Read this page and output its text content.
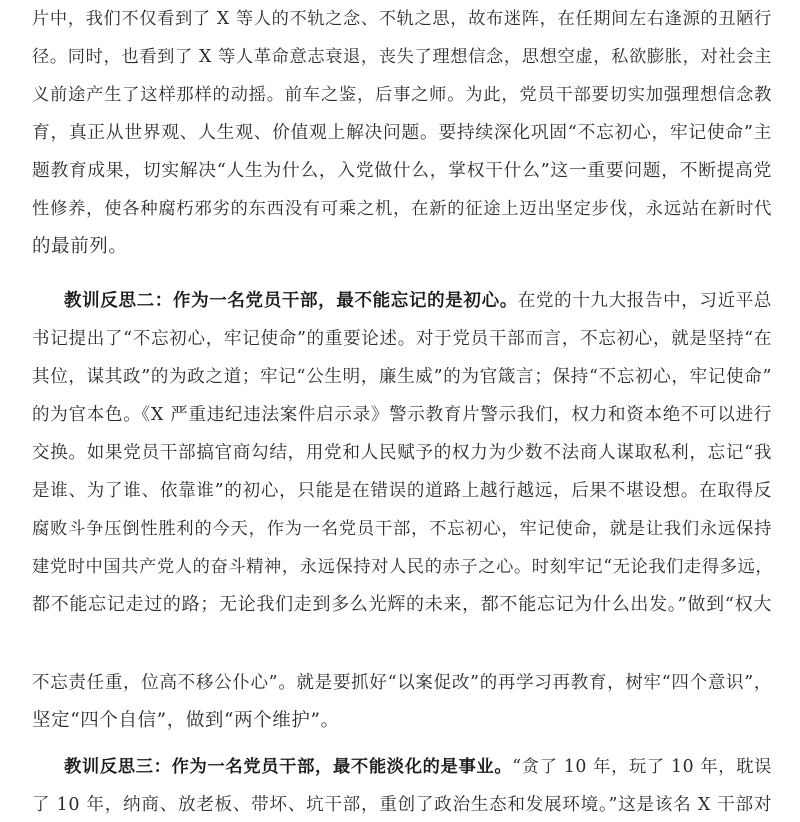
片中，我们不仅看到了 X 等人的不轨之念、不轨之思，故布迷阵，在任期间左右逢源的丑陋行
径。同时，也看到了 X 等人革命意志衰退，丧失了理想信念，思想空虚，私欲膨胀，对社会主
义前途产生了这样那样的动摇。前车之鉴，后事之师。为此，党员干部要切实加强理想信念教
育，真正从世界观、人生观、价值观上解决问题。要持续深化巩固“不忘初心，牢记使命”主
题教育成果，切实解决“人生为什么，入党做什么，掌权干什么”这一重要问题，不断提高党
性修养，使各种腐朽邪劣的东西没有可乘之机，在新的征途上迈出坚定步伐，永远站在新时代
的最前列。
教训反思二：作为一名党员干部，最不能忘记的是初心。在党的十九大报告中，习近平总
书记提出了“不忘初心，牢记使命”的重要论述。对于党员干部而言，不忘初心，就是坚持“在
其位，谋其政”的为政之道；牢记“公生明，廉生威”的为官箴言；保持“不忘初心，牢记使命”
的为官本色。《X 严重违纪违法案件启示录》警示教育片警示我们，权力和资本绝不可以进行
交换。如果党员干部搞官商勾结，用党和人民赋予的权力为少数不法商人谋取私利，忘记“我
是谁、为了谁、依靠谁”的初心，只能是在错误的道路上越行越远，后果不堪设想。在取得反
腐败斗争压倒性胜利的今天，作为一名党员干部，不忘初心，牢记使命，就是让我们永远保持
建党时中国共产党人的奋斗精神，永远保持对人民的赤子之心。时刻牢记“无论我们走得多远，
都不能忘记走过的路；无论我们走到多么光辉的未来，都不能忘记为什么出发。”做到“权大
不忘责任重，位高不移公仆心”。就是要抓好“以案促改”的再学习再教育，树牢“四个意识”，
坚定“四个自信”，做到“两个维护”。
教训反思三：作为一名党员干部，最不能淡化的是事业。“贪了 10 年，玩了 10 年，耽误
了 10 年，纳商、放老板、带坏、坑干部，重创了政治生态和发展环境。”这是该名 X 干部对
